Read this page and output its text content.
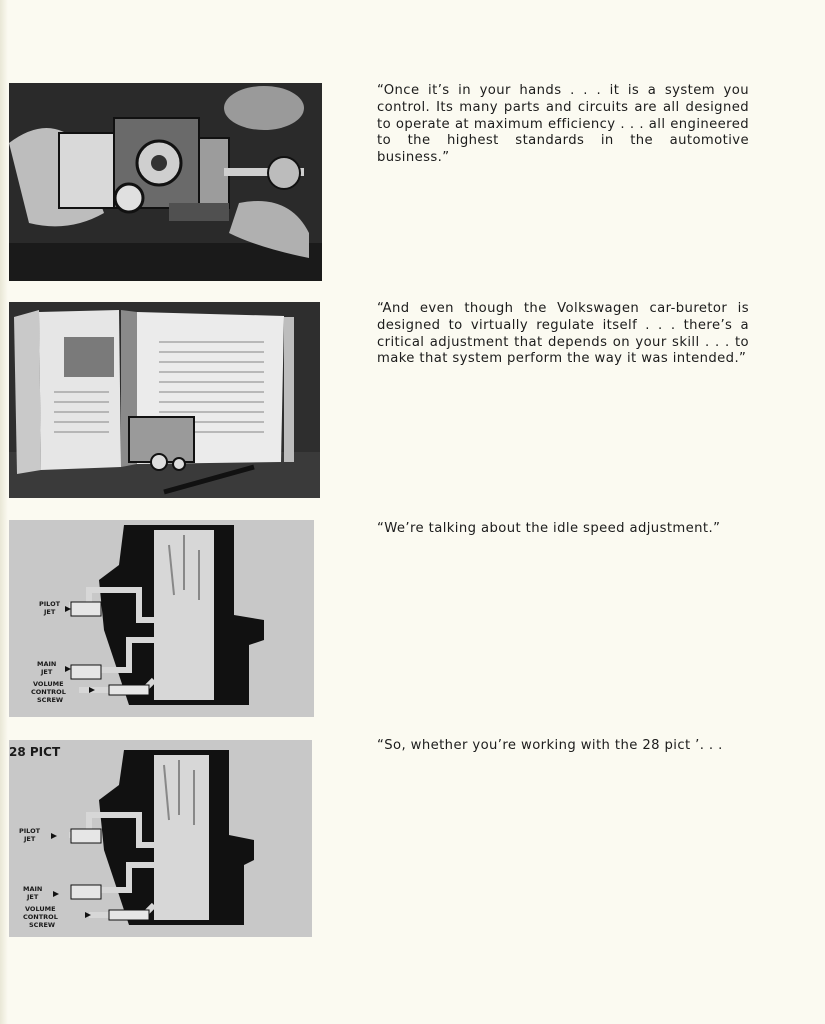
PILOT
JET
MAIN
JET
VOLUME
CONTROL
SCREW
28 PICT
PILOT
JET
MAIN
JET
VOLUME
CONTROL
SCREW

“Once it’s in your hands . . . it is a system you control. Its many parts and circuits are all designed to operate at maximum efficiency . . . all engineered to the highest standards in the automotive business.”

“And even though the Volkswagen car-buretor is designed to virtually regulate itself . . . there’s a critical adjustment that depends on your skill . . . to make that system perform the way it was intended.”

“We’re talking about the idle speed adjustment.”

“So, whether you’re working with the 28 pict ’. . .
